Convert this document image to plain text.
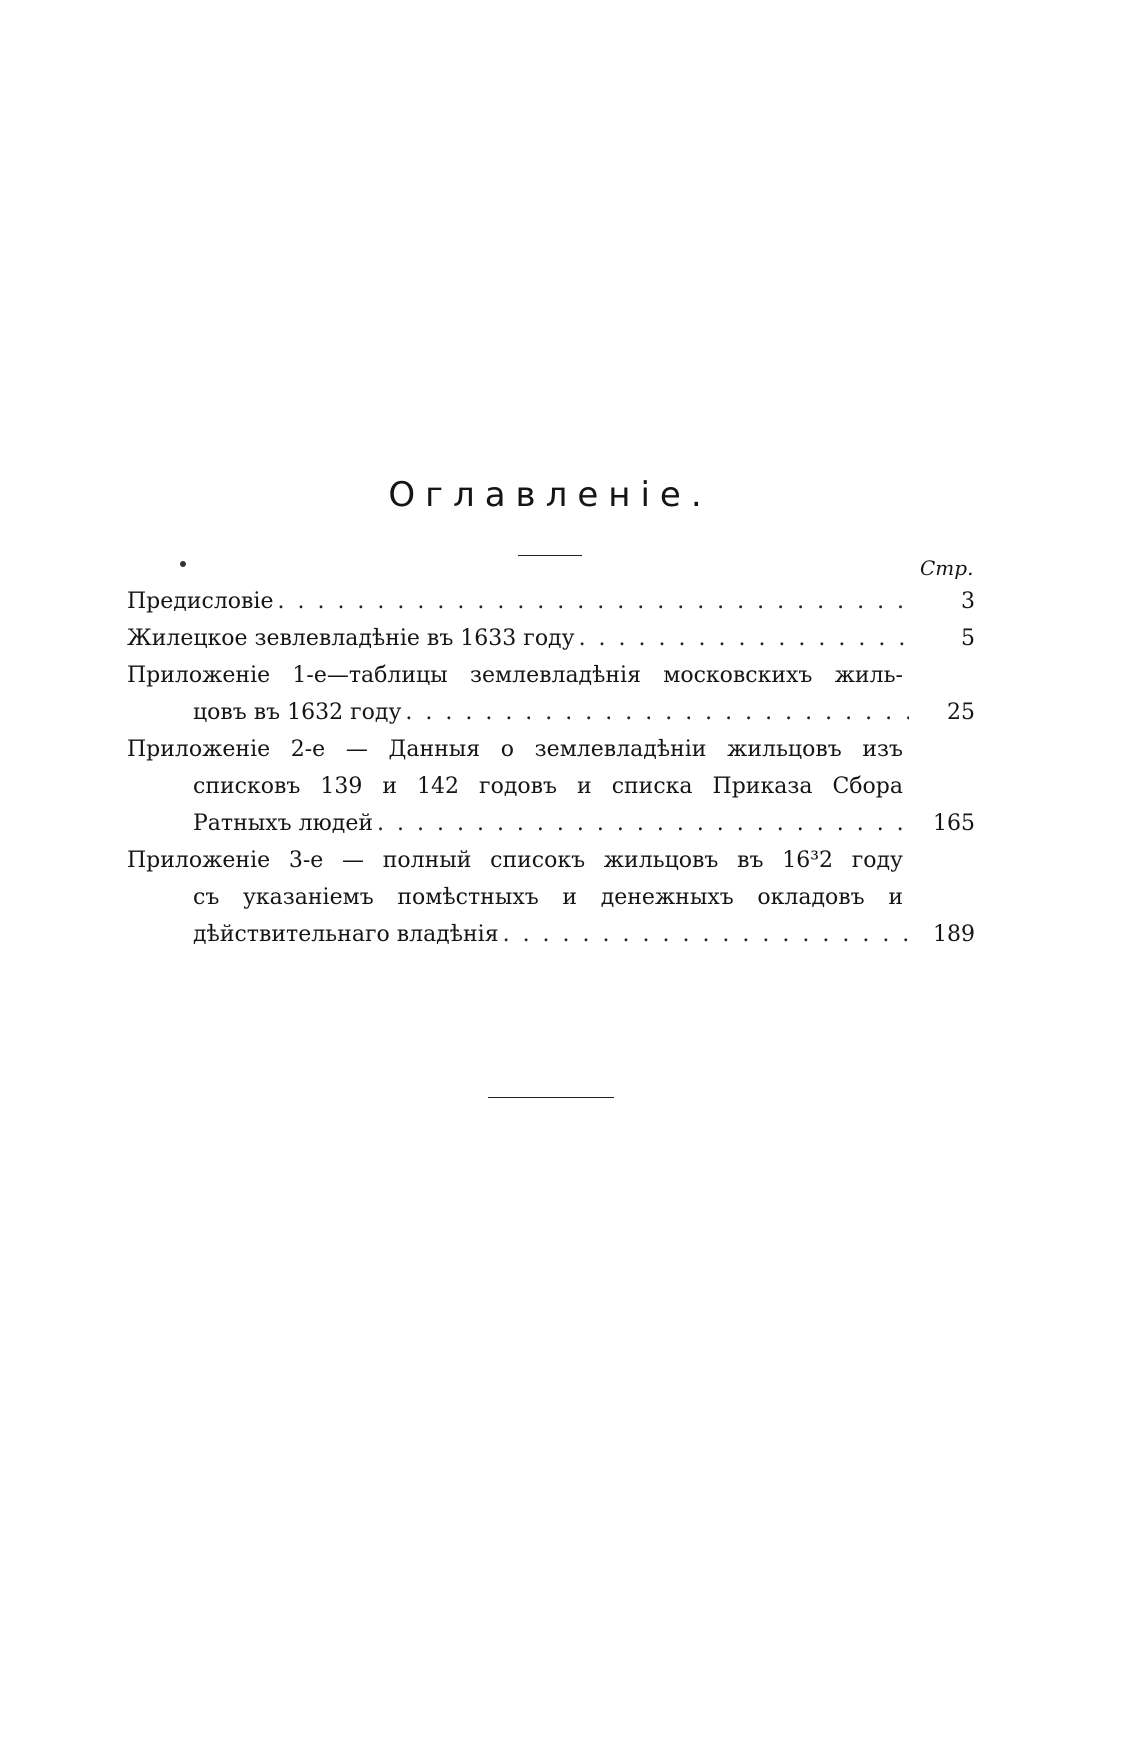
Оглавленіе.
Стр.
Предисловіе . . .	3
Жилецкое зевлевладѣніе въ 1633 году . . .	5
Приложеніе 1-е—таблицы землевладѣнія московскихъ жиль-
цовъ въ 1632 году . . .	25
Приложеніе 2-е — Данныя о землевладѣніи жильцовъ изъ
списковъ 139 и 142 годовъ и списка Приказа Сбора
Ратныхъ людей . . .	165
Приложеніе 3-е — полный списокъ жильцовъ въ 16³2 году
съ указаніемъ помѣстныхъ и денежныхъ окладовъ и
дѣйствительнаго владѣнія . . .	189
